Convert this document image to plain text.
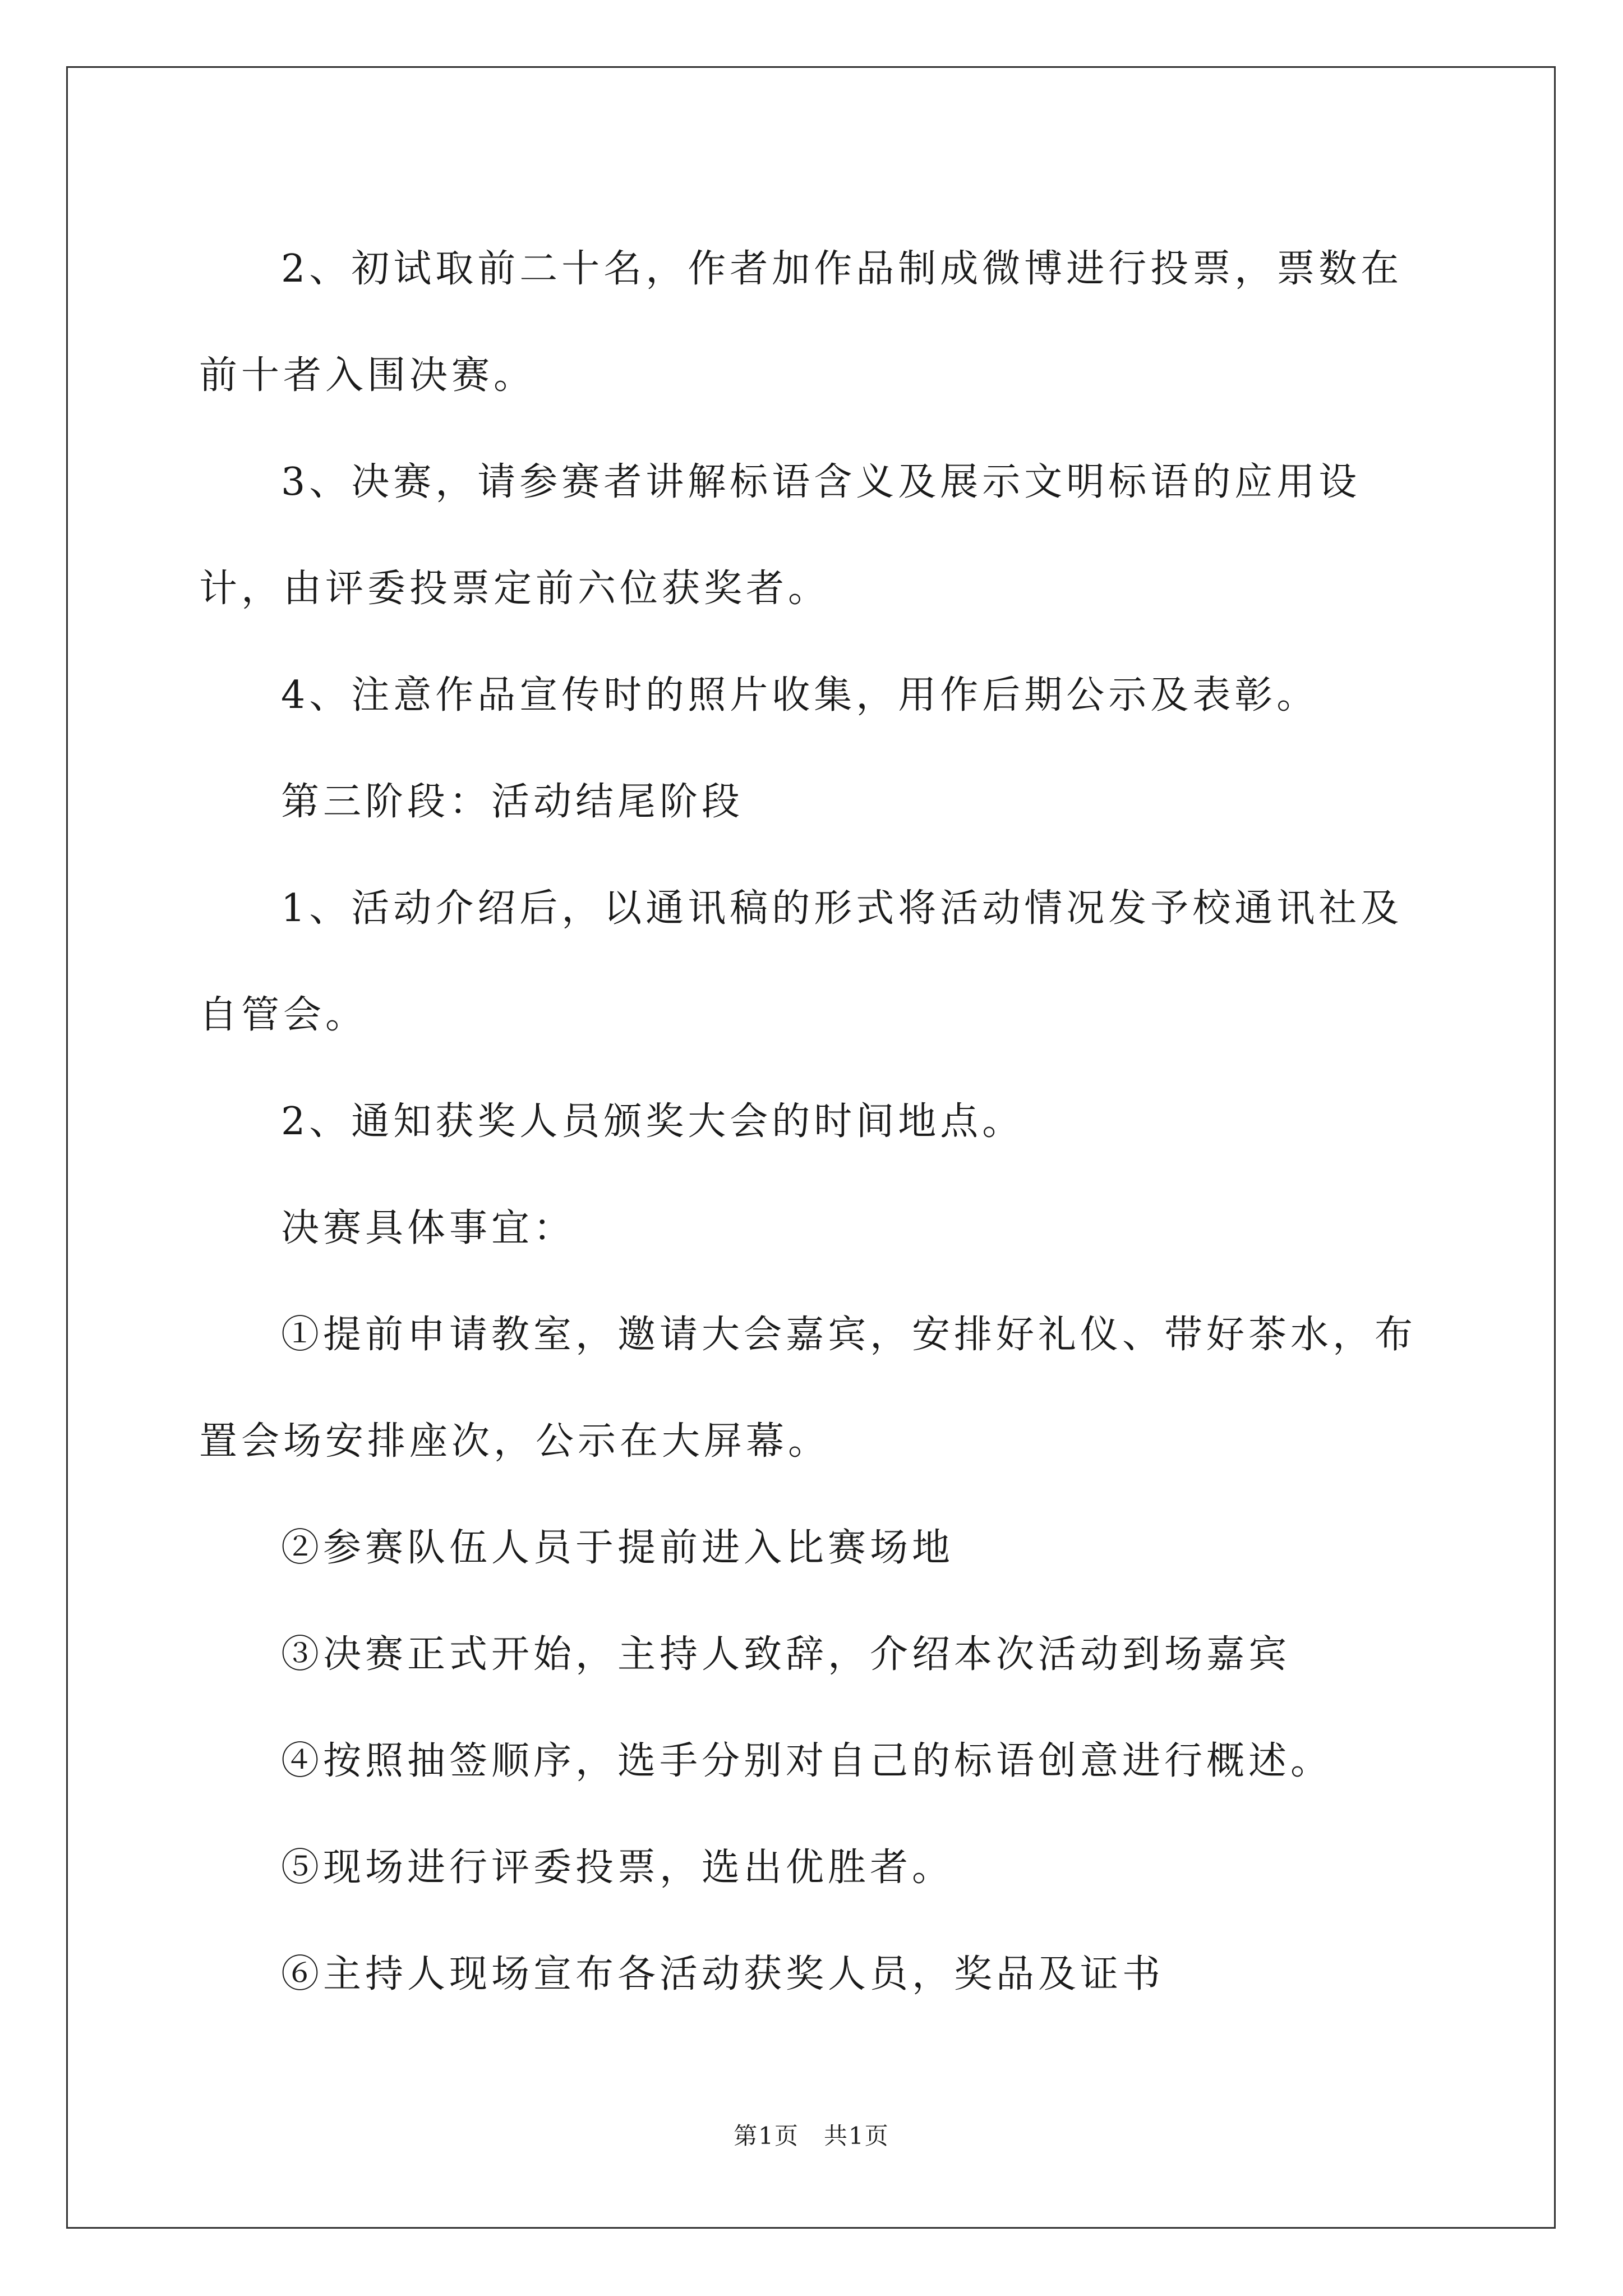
2、初试取前二十名，作者加作品制成微博进行投票，票数在前十者入围决赛。

3、决赛，请参赛者讲解标语含义及展示文明标语的应用设计，由评委投票定前六位获奖者。

4、注意作品宣传时的照片收集，用作后期公示及表彰。

第三阶段：活动结尾阶段

1、活动介绍后，以通讯稿的形式将活动情况发予校通讯社及自管会。

2、通知获奖人员颁奖大会的时间地点。

决赛具体事宜：

①提前申请教室，邀请大会嘉宾，安排好礼仪、带好茶水，布置会场安排座次，公示在大屏幕。

②参赛队伍人员于提前进入比赛场地

③决赛正式开始，主持人致辞，介绍本次活动到场嘉宾

④按照抽签顺序，选手分别对自己的标语创意进行概述。

⑤现场进行评委投票，选出优胜者。

⑥主持人现场宣布各活动获奖人员，奖品及证书

第1页　共1页
